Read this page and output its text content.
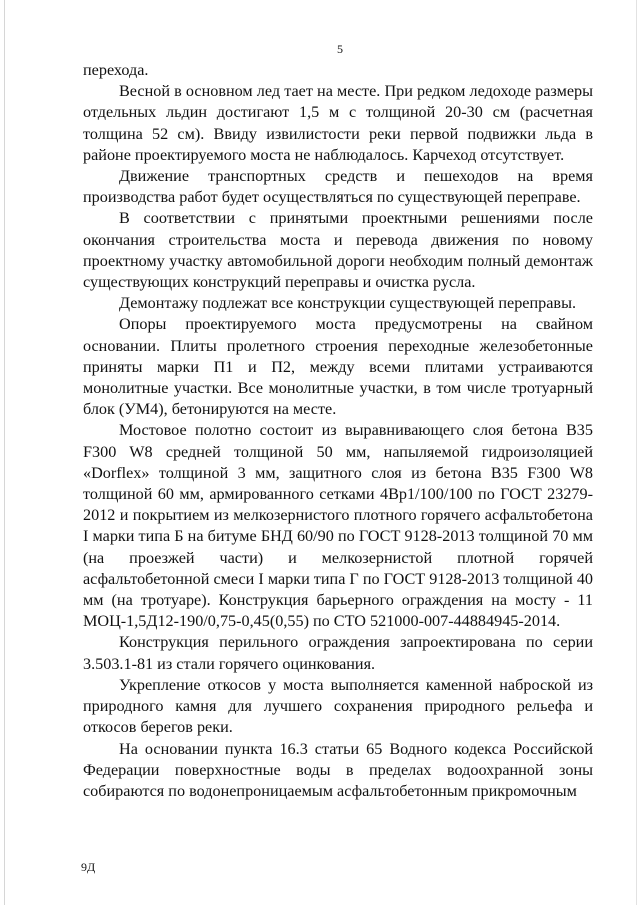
5

перехода.

Весной в основном лед тает на месте. При редком ледоходе размеры отдельных льдин достигают 1,5 м с толщиной 20-30 см (расчетная толщина 52 см). Ввиду извилистости реки первой подвижки льда в районе проектируемого моста не наблюдалось. Карчеход отсутствует.

Движение транспортных средств и пешеходов на время производства работ будет осуществляться по существующей переправе.

В соответствии с принятыми проектными решениями после окончания строительства моста и перевода движения по новому проектному участку автомобильной дороги необходим полный демонтаж существующих конструкций переправы и очистка русла.

Демонтажу подлежат все конструкции существующей переправы.

Опоры проектируемого моста предусмотрены на свайном основании. Плиты пролетного строения переходные железобетонные приняты марки П1 и П2, между всеми плитами устраиваются монолитные участки. Все монолитные участки, в том числе тротуарный блок (УМ4), бетонируются на месте.

Мостовое полотно состоит из выравнивающего слоя бетона В35 F300 W8 средней толщиной 50 мм, напыляемой гидроизоляцией «Dorflex» толщиной 3 мм, защитного слоя из бетона В35 F300 W8 толщиной 60 мм, армированного сетками 4Вр1/100/100 по ГОСТ 23279-2012 и покрытием из мелкозернистого плотного горячего асфальтобетона I марки типа Б на битуме БНД 60/90 по ГОСТ 9128-2013 толщиной 70 мм (на проезжей части) и мелкозернистой плотной горячей асфальтобетонной смеси I марки типа Г по ГОСТ 9128-2013 толщиной 40 мм (на тротуаре). Конструкция барьерного ограждения на мосту - 11 МОЦ-1,5Д12-190/0,75-0,45(0,55) по СТО 521000-007-44884945-2014.

Конструкция перильного ограждения запроектирована по серии 3.503.1-81 из стали горячего оцинкования.

Укрепление откосов у моста выполняется каменной наброской из природного камня для лучшего сохранения природного рельефа и откосов берегов реки.

На основании пункта 16.3 статьи 65 Водного кодекса Российской Федерации поверхностные воды в пределах водоохранной зоны собираются по водонепроницаемым асфальтобетонным прикромочным

9Д
